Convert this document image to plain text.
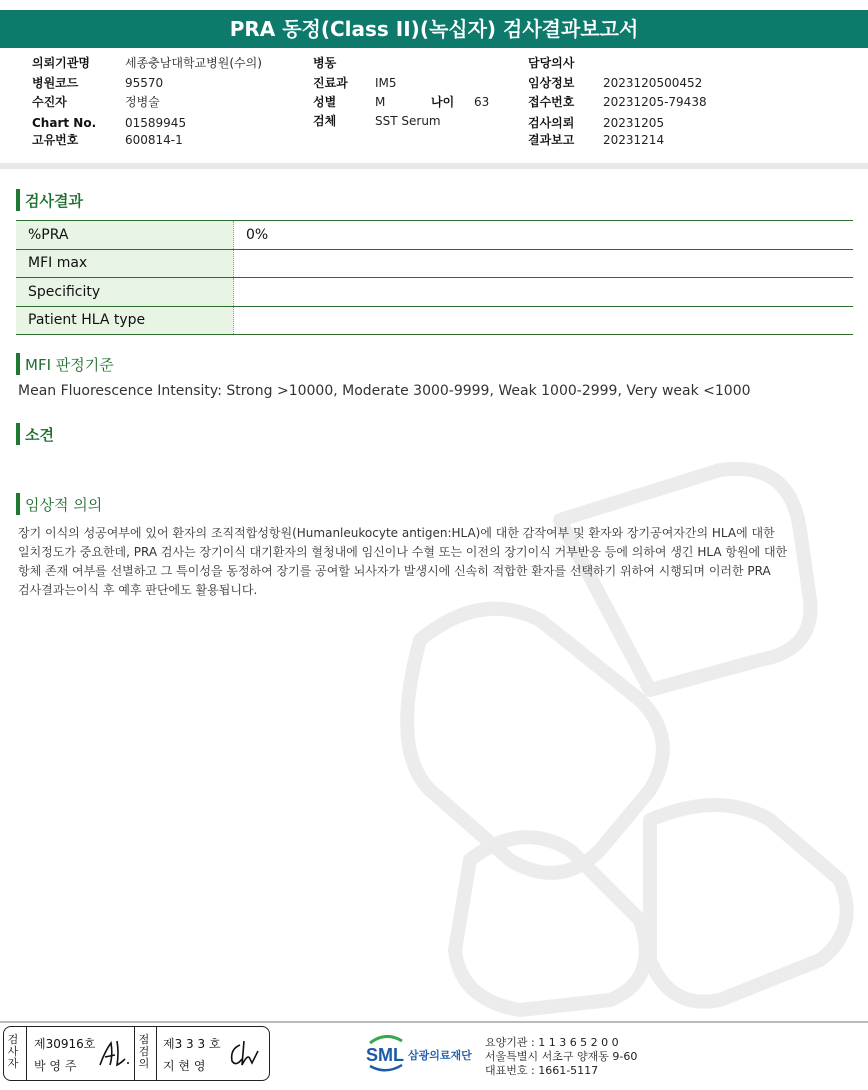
PRA 동정(Class II)(녹십자) 검사결과보고서
의뢰기관명	세종충남대학교병원(수의)
병원코드	95570
수진자	정병술
Chart No. 01589945
고유번호	600814-1
병동
진료과 IM5
성별	M	나이 63
검체	SST Serum
담당의사
임상정보 2023120500452
접수번호 20231205-79438
검사의뢰 20231205
결과보고 20231214
검사결과
%PRA	0%
MFI max	
Specificity	
Patient HLA type	
MFI 판정기준
Mean Fluorescence Intensity: Strong >10000, Moderate 3000-9999, Weak 1000-2999, Very weak <1000
소견
임상적 의의
장기 이식의 성공여부에 있어 환자의 조직적합성항원(Humanleukocyte antigen:HLA)에 대한 감작여부 및 환자와 장기공여자간의 HLA에 대한
일치정도가 중요한데, PRA 검사는 장기이식 대기환자의 혈청내에 임신이나 수혈 또는 이전의 장기이식 거부반응 등에 의하여 생긴 HLA 항원에 대한
항체 존재 여부를 선별하고 그 특이성을 동정하여 장기를 공여할 뇌사자가 발생시에 신속히 적합한 환자를 선택하기 위하여 시행되며 이러한 PRA
검사결과는이식 후 예후 판단에도 활용됩니다.
검
사
자
제30916호
박 영 주
점
검
의
제3 3 3 호
지 현 영
SML 삼광의료재단
요양기관 : 1 1 3 6 5 2 0 0
서울특별시 서초구 양재동 9-60
대표번호 : 1661-5117
